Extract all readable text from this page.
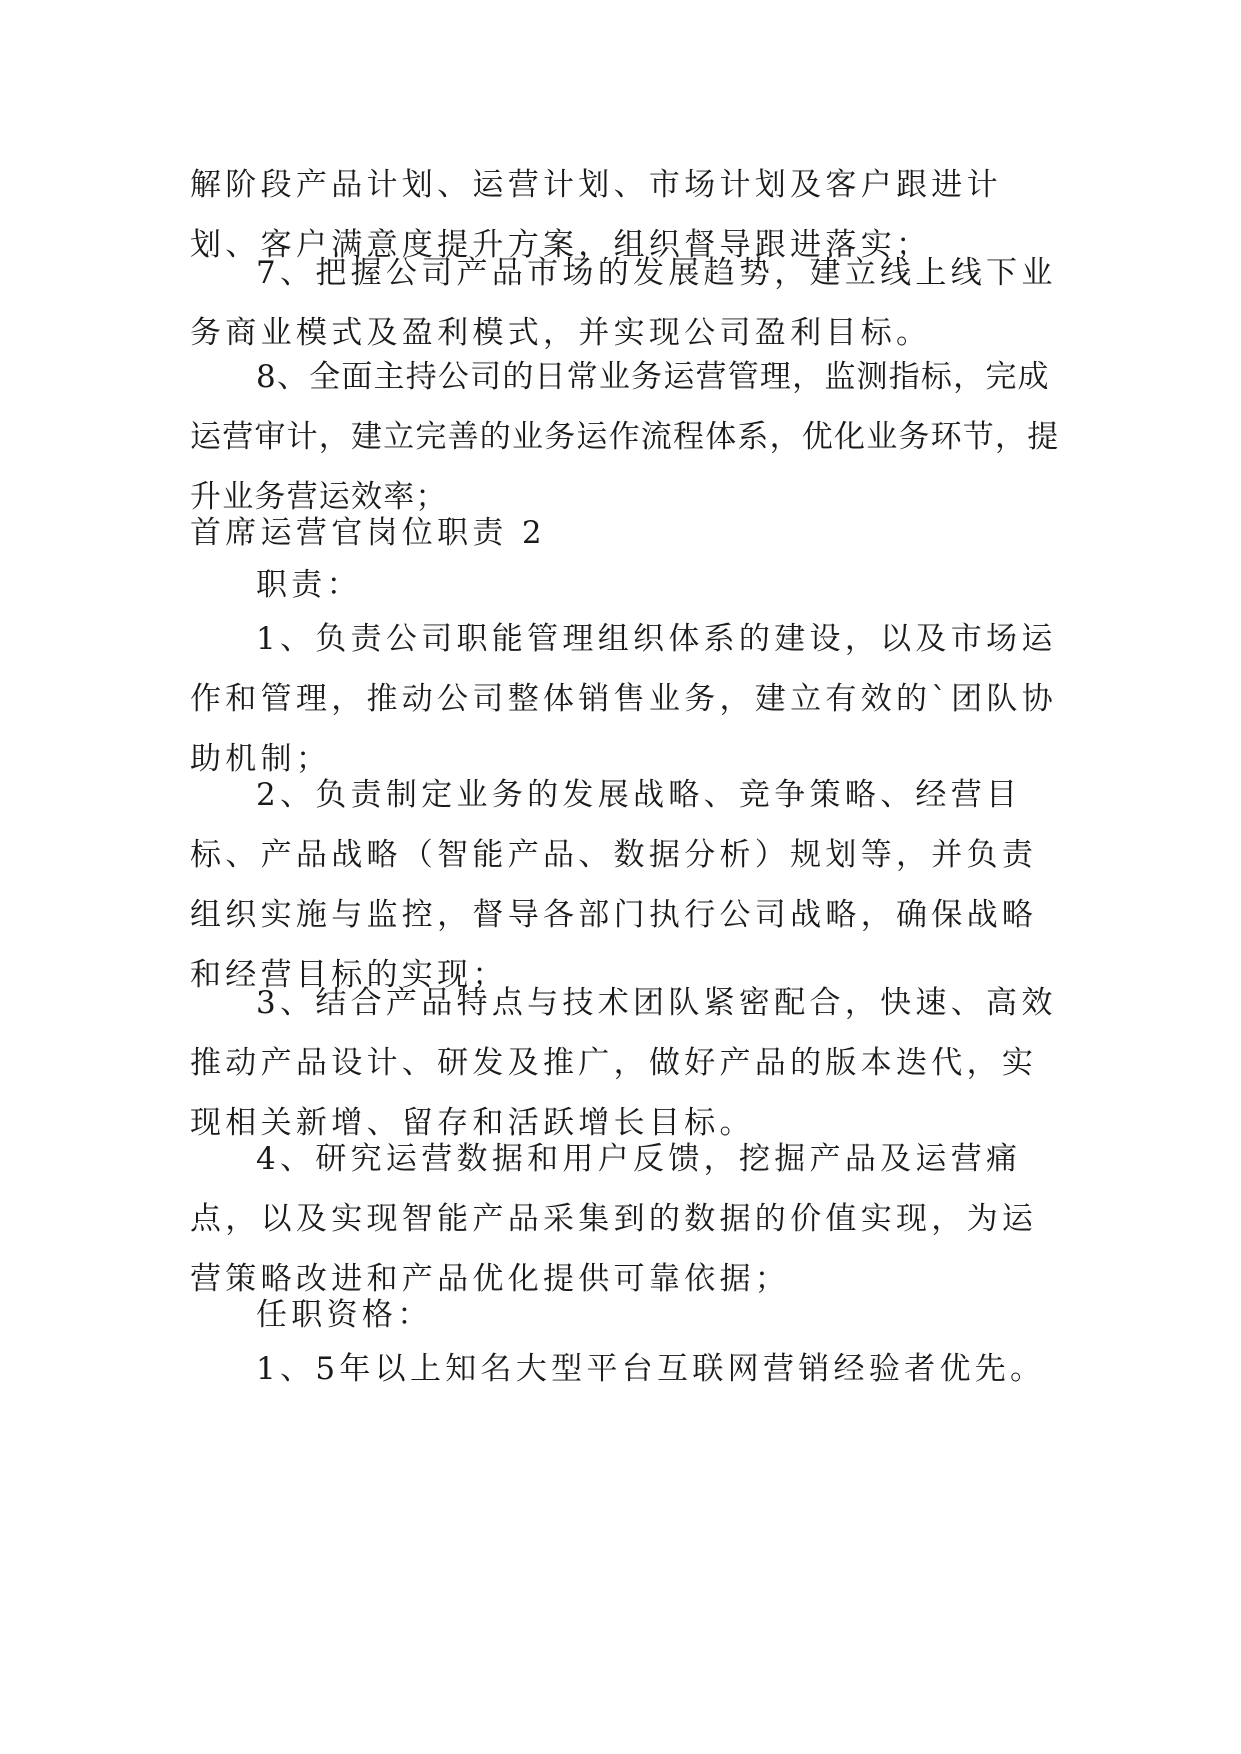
解阶段产品计划、运营计划、市场计划及客户跟进计划、客户满意度提升方案，组织督导跟进落实；
7、把握公司产品市场的发展趋势，建立线上线下业务商业模式及盈利模式，并实现公司盈利目标。
8、全面主持公司的日常业务运营管理，监测指标，完成运营审计，建立完善的业务运作流程体系，优化业务环节，提升业务营运效率；
首席运营官岗位职责 2
职责：
1、负责公司职能管理组织体系的建设，以及市场运作和管理，推动公司整体销售业务，建立有效的`团队协助机制；
2、负责制定业务的发展战略、竞争策略、经营目标、产品战略（智能产品、数据分析）规划等，并负责组织实施与监控，督导各部门执行公司战略，确保战略和经营目标的实现；
3、结合产品特点与技术团队紧密配合，快速、高效推动产品设计、研发及推广，做好产品的版本迭代，实现相关新增、留存和活跃增长目标。
4、研究运营数据和用户反馈，挖掘产品及运营痛点，以及实现智能产品采集到的数据的价值实现，为运营策略改进和产品优化提供可靠依据；
任职资格：
1、5年以上知名大型平台互联网营销经验者优先。
